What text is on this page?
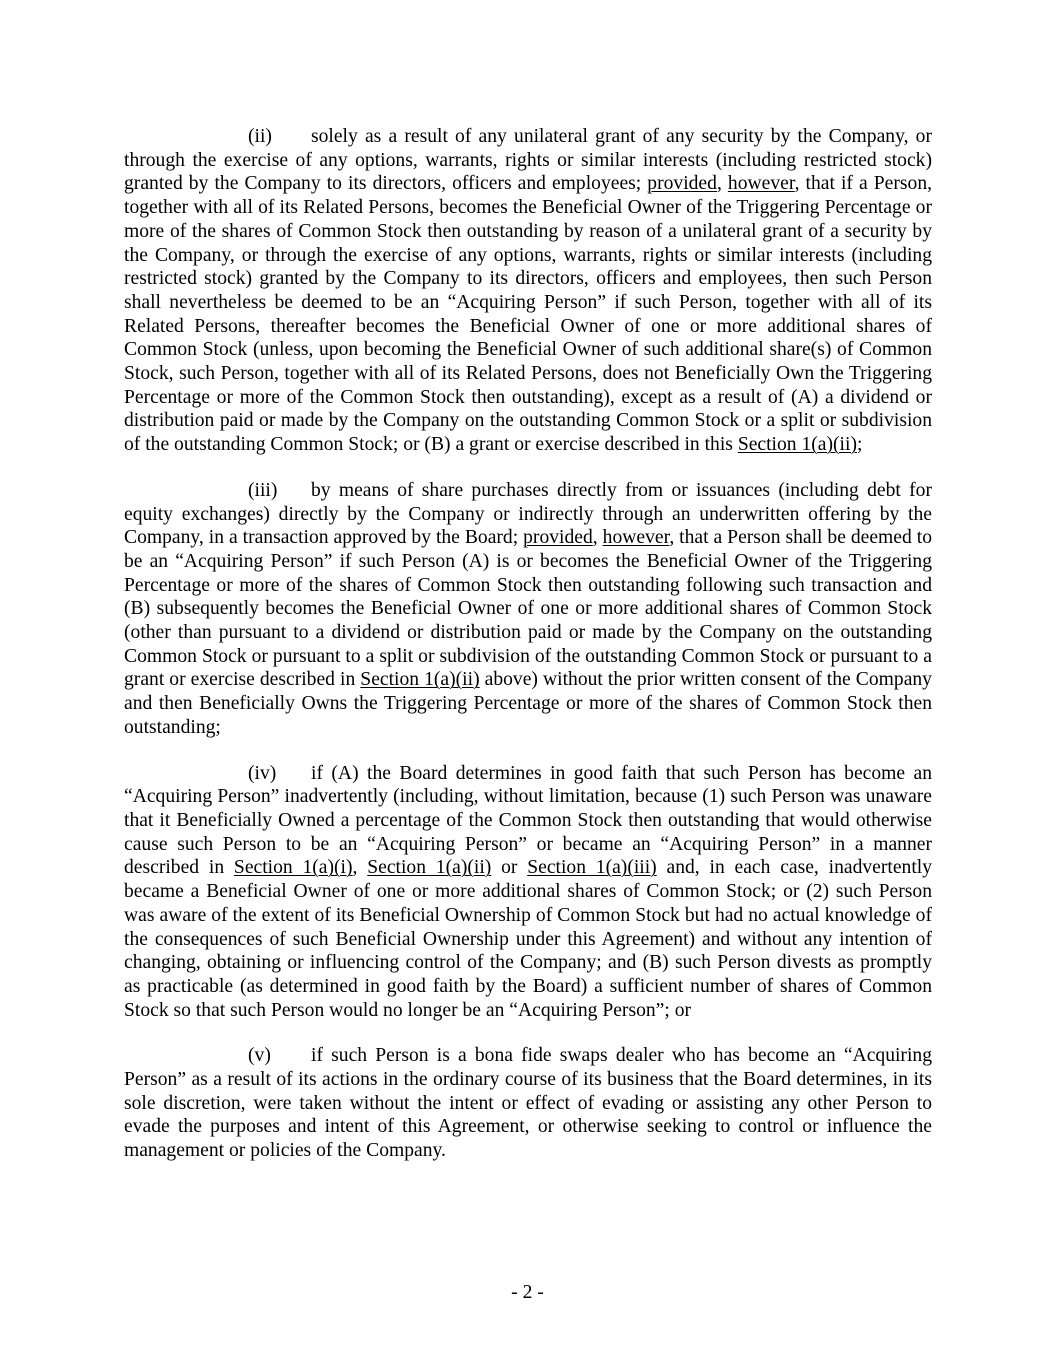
(ii) solely as a result of any unilateral grant of any security by the Company, or through the exercise of any options, warrants, rights or similar interests (including restricted stock) granted by the Company to its directors, officers and employees; provided, however, that if a Person, together with all of its Related Persons, becomes the Beneficial Owner of the Triggering Percentage or more of the shares of Common Stock then outstanding by reason of a unilateral grant of a security by the Company, or through the exercise of any options, warrants, rights or similar interests (including restricted stock) granted by the Company to its directors, officers and employees, then such Person shall nevertheless be deemed to be an “Acquiring Person” if such Person, together with all of its Related Persons, thereafter becomes the Beneficial Owner of one or more additional shares of Common Stock (unless, upon becoming the Beneficial Owner of such additional share(s) of Common Stock, such Person, together with all of its Related Persons, does not Beneficially Own the Triggering Percentage or more of the Common Stock then outstanding), except as a result of (A) a dividend or distribution paid or made by the Company on the outstanding Common Stock or a split or subdivision of the outstanding Common Stock; or (B) a grant or exercise described in this Section 1(a)(ii);

(iii) by means of share purchases directly from or issuances (including debt for equity exchanges) directly by the Company or indirectly through an underwritten offering by the Company, in a transaction approved by the Board; provided, however, that a Person shall be deemed to be an “Acquiring Person” if such Person (A) is or becomes the Beneficial Owner of the Triggering Percentage or more of the shares of Common Stock then outstanding following such transaction and (B) subsequently becomes the Beneficial Owner of one or more additional shares of Common Stock (other than pursuant to a dividend or distribution paid or made by the Company on the outstanding Common Stock or pursuant to a split or subdivision of the outstanding Common Stock or pursuant to a grant or exercise described in Section 1(a)(ii) above) without the prior written consent of the Company and then Beneficially Owns the Triggering Percentage or more of the shares of Common Stock then outstanding;

(iv) if (A) the Board determines in good faith that such Person has become an “Acquiring Person” inadvertently (including, without limitation, because (1) such Person was unaware that it Beneficially Owned a percentage of the Common Stock then outstanding that would otherwise cause such Person to be an “Acquiring Person” or became an “Acquiring Person” in a manner described in Section 1(a)(i), Section 1(a)(ii) or Section 1(a)(iii) and, in each case, inadvertently became a Beneficial Owner of one or more additional shares of Common Stock; or (2) such Person was aware of the extent of its Beneficial Ownership of Common Stock but had no actual knowledge of the consequences of such Beneficial Ownership under this Agreement) and without any intention of changing, obtaining or influencing control of the Company; and (B) such Person divests as promptly as practicable (as determined in good faith by the Board) a sufficient number of shares of Common Stock so that such Person would no longer be an “Acquiring Person”; or

(v) if such Person is a bona fide swaps dealer who has become an “Acquiring Person” as a result of its actions in the ordinary course of its business that the Board determines, in its sole discretion, were taken without the intent or effect of evading or assisting any other Person to evade the purposes and intent of this Agreement, or otherwise seeking to control or influence the management or policies of the Company.

- 2 -
